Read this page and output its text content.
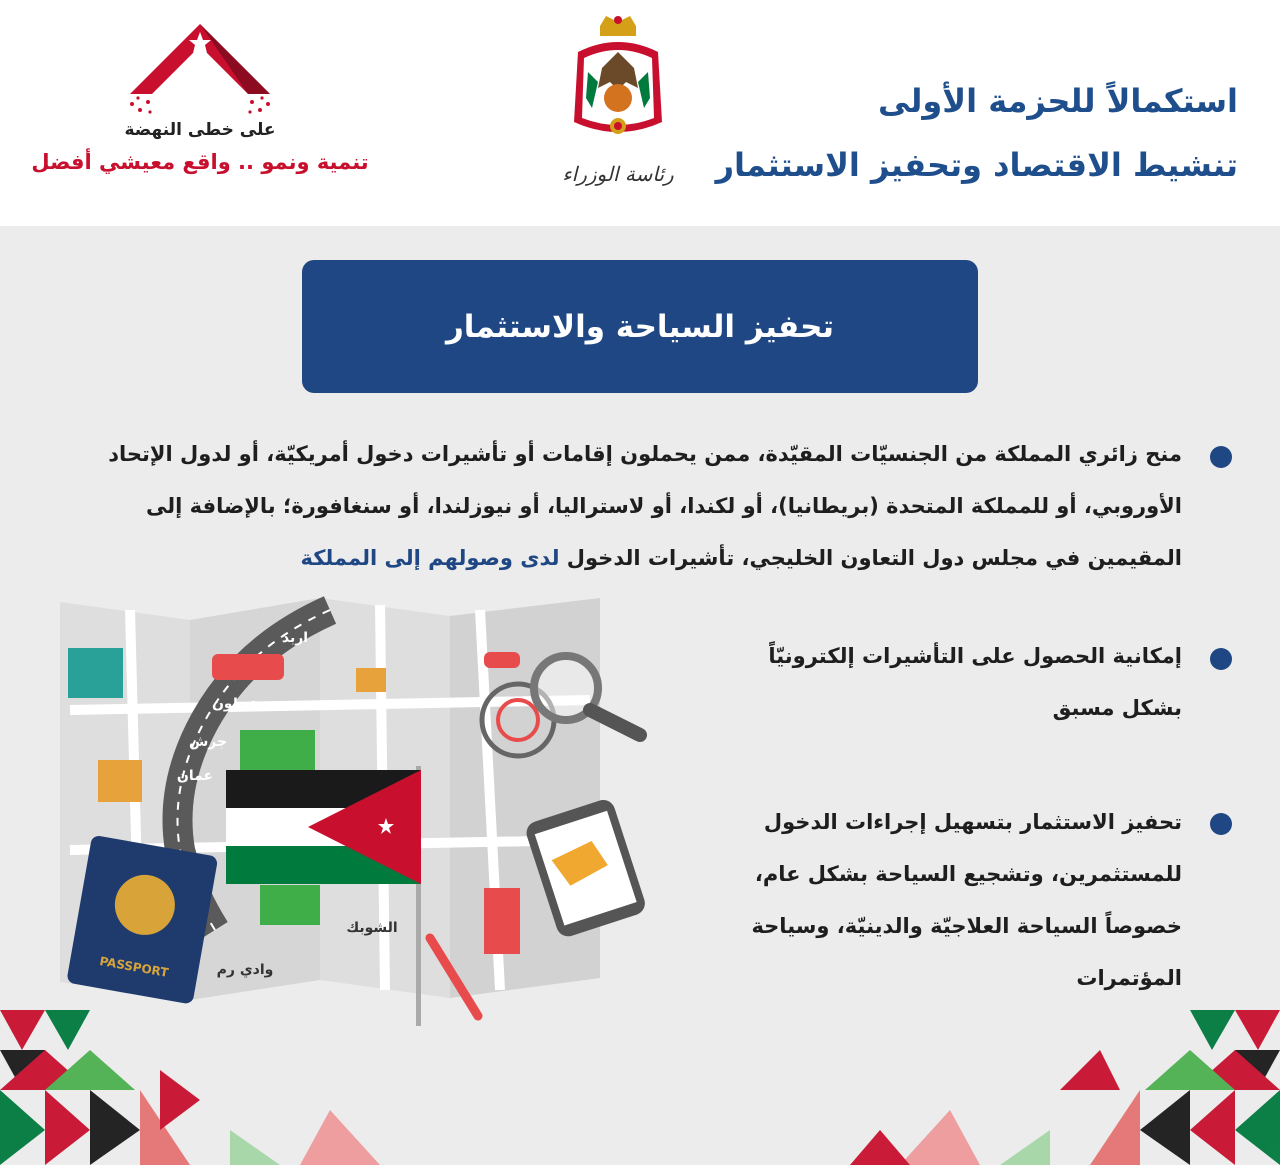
استكمالاً للحزمة الأولى
تنشيط الاقتصاد وتحفيز الاستثمار
رئاسة الوزراء
على خطى النهضة
تنمية ونمو .. واقع معيشي أفضل
تحفيز السياحة والاستثمار
منح زائري المملكة من الجنسيّات المقيّدة، ممن يحملون إقامات أو تأشيرات دخول أمريكيّة، أو لدول الإتحاد الأوروبي، أو للمملكة المتحدة (بريطانيا)، أو لكندا، أو لاستراليا، أو نيوزلندا، أو سنغافورة؛ بالإضافة إلى المقيمين في مجلس دول التعاون الخليجي، تأشيرات الدخول لدى وصولهم إلى المملكة
إمكانية الحصول على التأشيرات إلكترونيّاً بشكل مسبق
تحفيز الاستثمار بتسهيل إجراءات الدخول للمستثمرين، وتشجيع السياحة بشكل عام، خصوصاً السياحة العلاجيّة والدينيّة، وسياحة المؤتمرات
اربد
عجلون
جرش
عمان
الشوبك
وادي رم
PASSPORT
